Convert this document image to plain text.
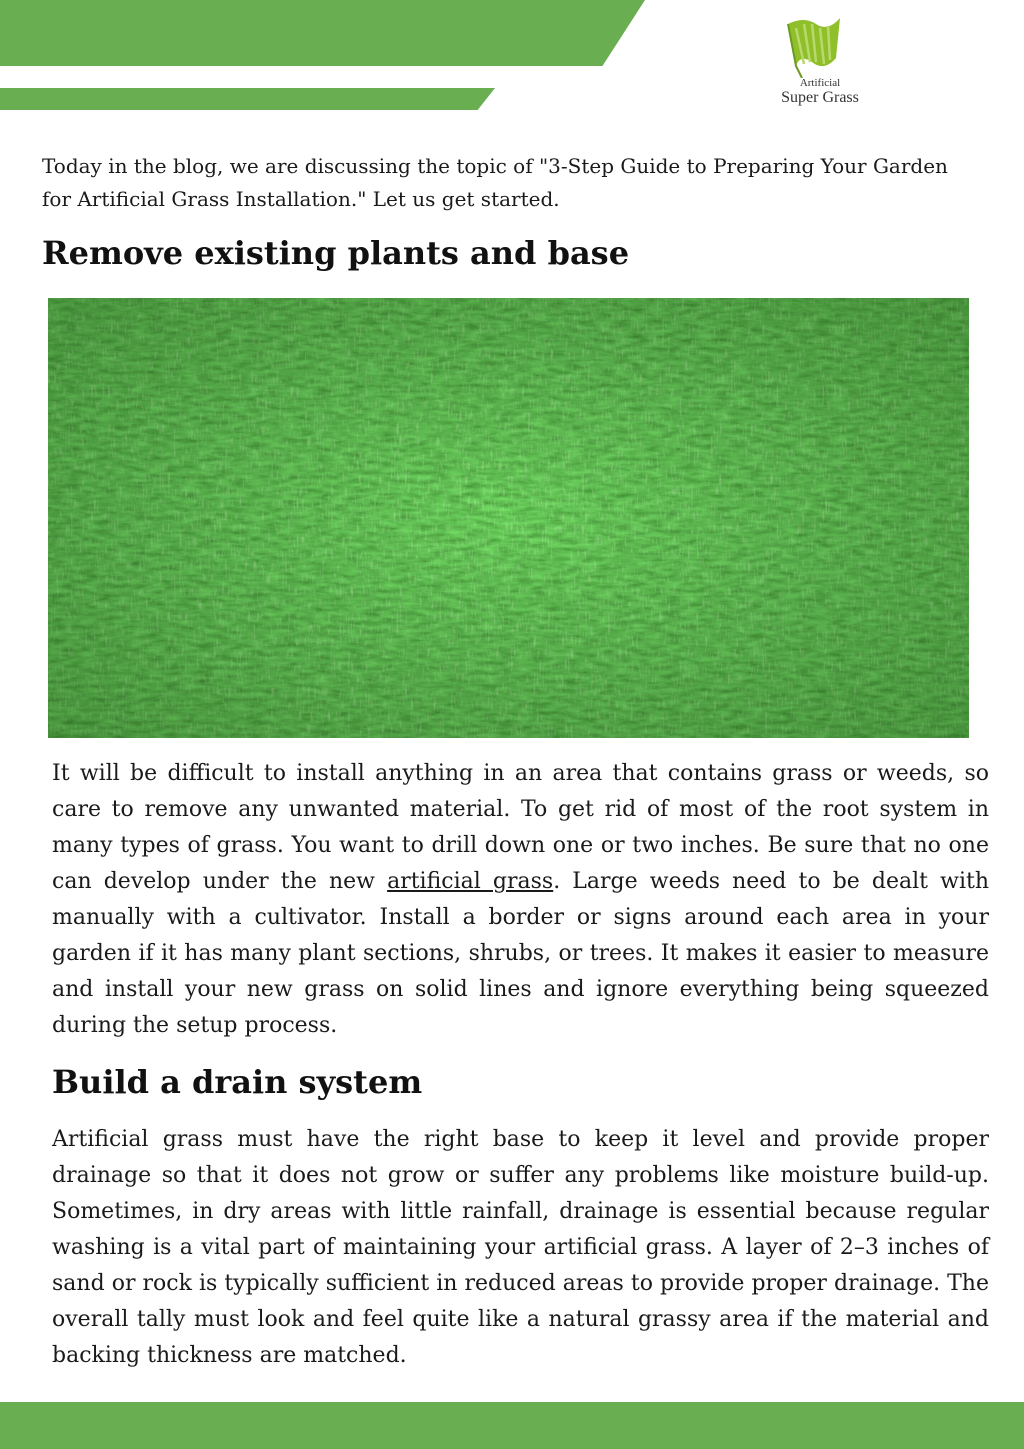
Artificial
Super Grass

Today in the blog, we are discussing the topic of "3-Step Guide to Preparing Your Garden for Artificial Grass Installation." Let us get started.

Remove existing plants and base

It will be difficult to install anything in an area that contains grass or weeds, so care to remove any unwanted material. To get rid of most of the root system in many types of grass. You want to drill down one or two inches. Be sure that no one can develop under the new artificial grass. Large weeds need to be dealt with manually with a cultivator. Install a border or signs around each area in your garden if it has many plant sections, shrubs, or trees. It makes it easier to measure and install your new grass on solid lines and ignore everything being squeezed during the setup process.

Build a drain system

Artificial grass must have the right base to keep it level and provide proper drainage so that it does not grow or suffer any problems like moisture build-up. Sometimes, in dry areas with little rainfall, drainage is essential because regular washing is a vital part of maintaining your artificial grass. A layer of 2–3 inches of sand or rock is typically sufficient in reduced areas to provide proper drainage. The overall tally must look and feel quite like a natural grassy area if the material and backing thickness are matched.
